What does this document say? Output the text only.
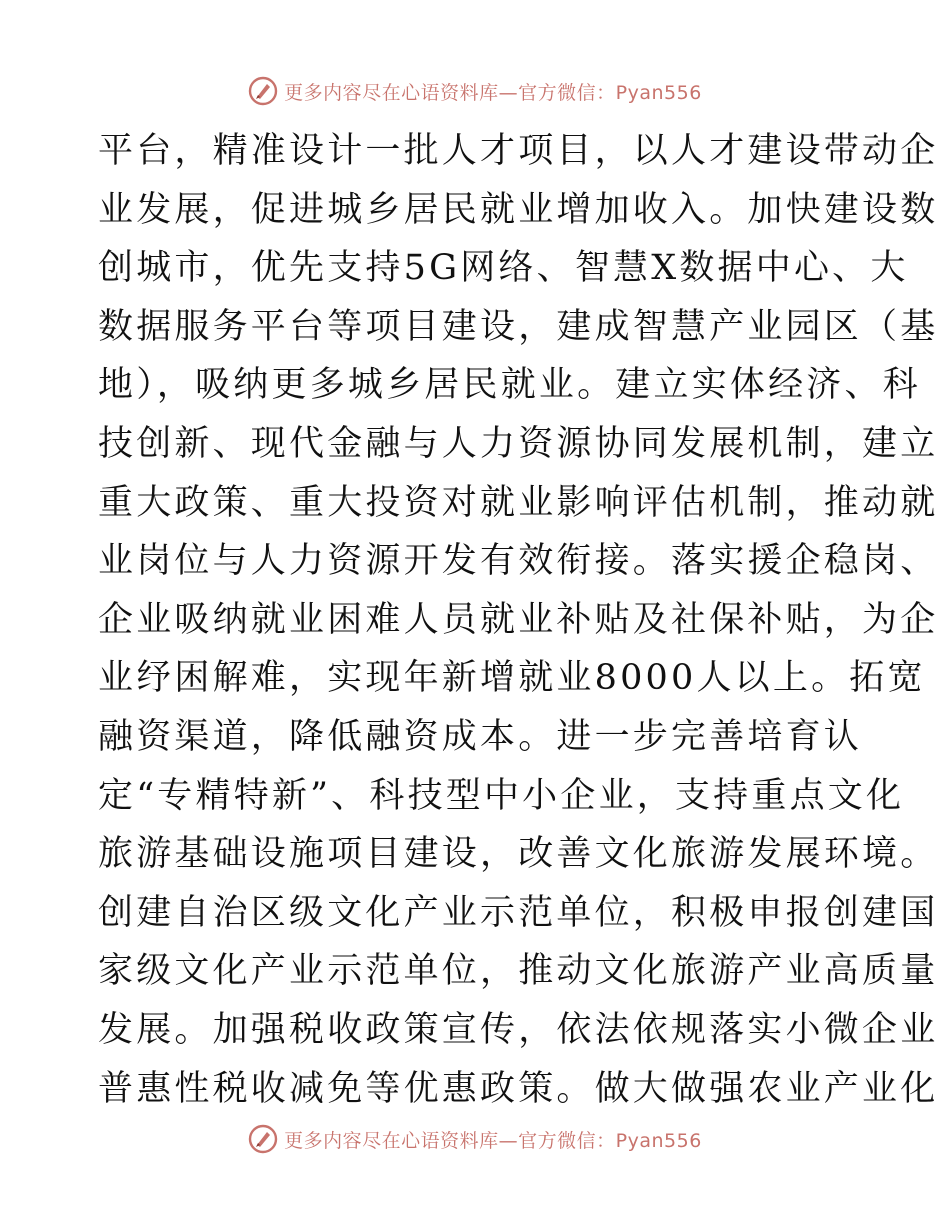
更多内容尽在心语资料库—官方微信：Pyan556
平台，精准设计一批人才项目，以人才建设带动企
业发展，促进城乡居民就业增加收入。加快建设数
创城市，优先支持5G网络、智慧X数据中心、大
数据服务平台等项目建设，建成智慧产业园区（基
地），吸纳更多城乡居民就业。建立实体经济、科
技创新、现代金融与人力资源协同发展机制，建立
重大政策、重大投资对就业影响评估机制，推动就
业岗位与人力资源开发有效衔接。落实援企稳岗、
企业吸纳就业困难人员就业补贴及社保补贴，为企
业纾困解难，实现年新增就业8000人以上。拓宽
融资渠道，降低融资成本。进一步完善培育认
定“专精特新”、科技型中小企业，支持重点文化
旅游基础设施项目建设，改善文化旅游发展环境。
创建自治区级文化产业示范单位，积极申报创建国
家级文化产业示范单位，推动文化旅游产业高质量
发展。加强税收政策宣传，依法依规落实小微企业
普惠性税收减免等优惠政策。做大做强农业产业化
更多内容尽在心语资料库—官方微信：Pyan556
